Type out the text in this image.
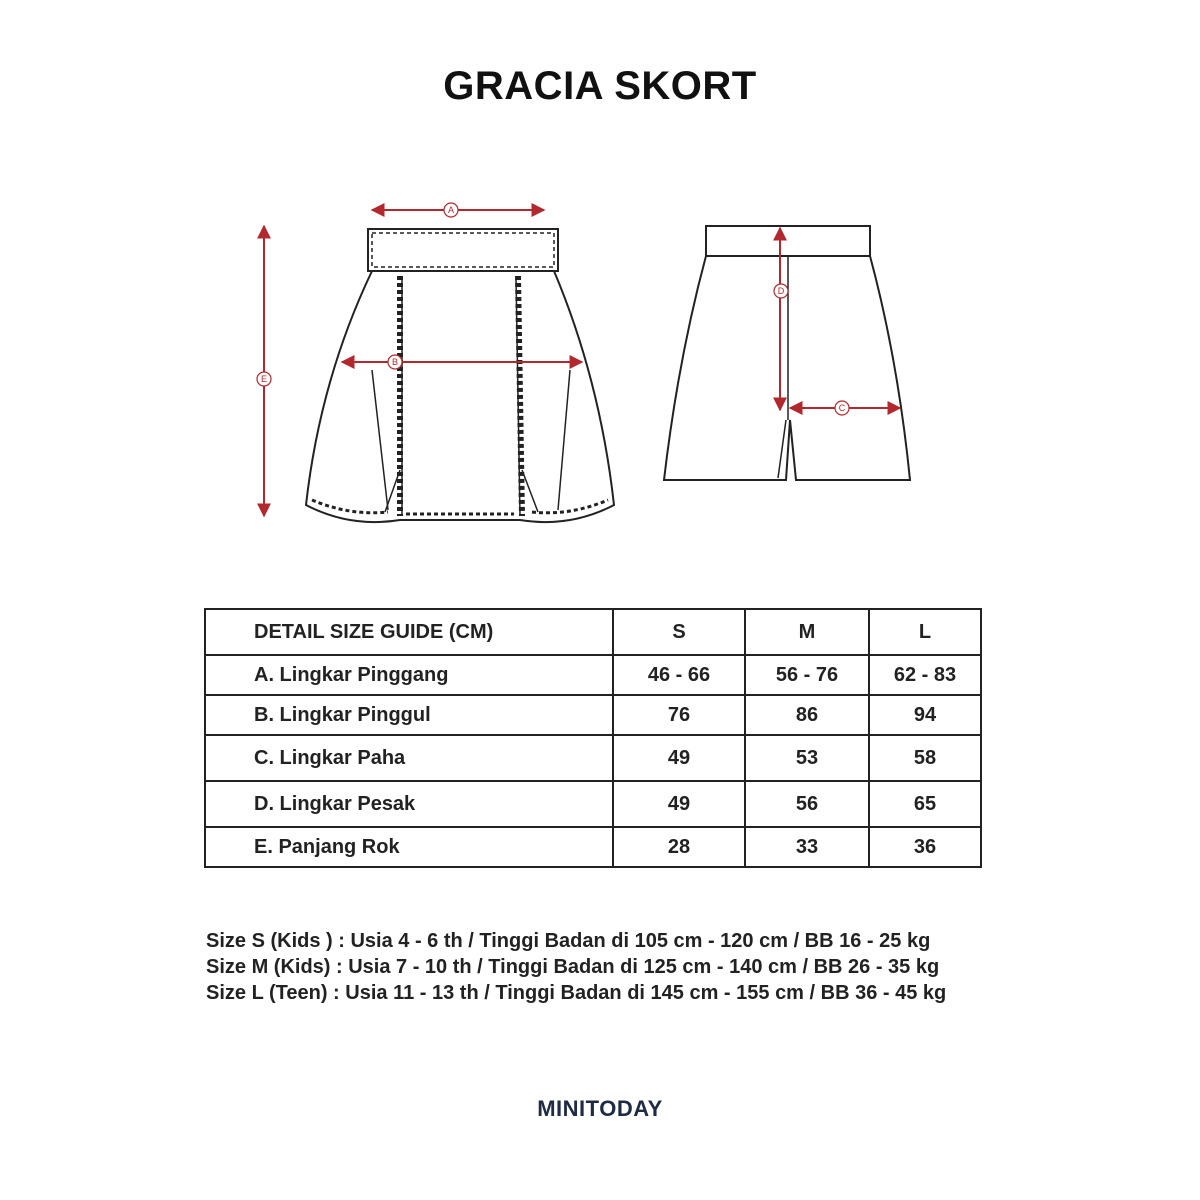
GRACIA SKORT
A
B
E
D
C
DETAIL SIZE GUIDE (CM)	S	M	L
A. Lingkar Pinggang	46 - 66	56 - 76	62 - 83
B. Lingkar Pinggul	76	86	94
C. Lingkar Paha	49	53	58
D. Lingkar Pesak	49	56	65
E. Panjang Rok	28	33	36
Size S (Kids ) : Usia 4 - 6 th / Tinggi Badan di 105 cm - 120 cm / BB 16 - 25 kg
Size M (Kids) : Usia 7 - 10 th / Tinggi Badan di 125 cm - 140 cm / BB 26 - 35 kg
Size L (Teen) : Usia 11 - 13 th / Tinggi Badan di 145 cm - 155 cm / BB 36 - 45 kg
MINITODAY
